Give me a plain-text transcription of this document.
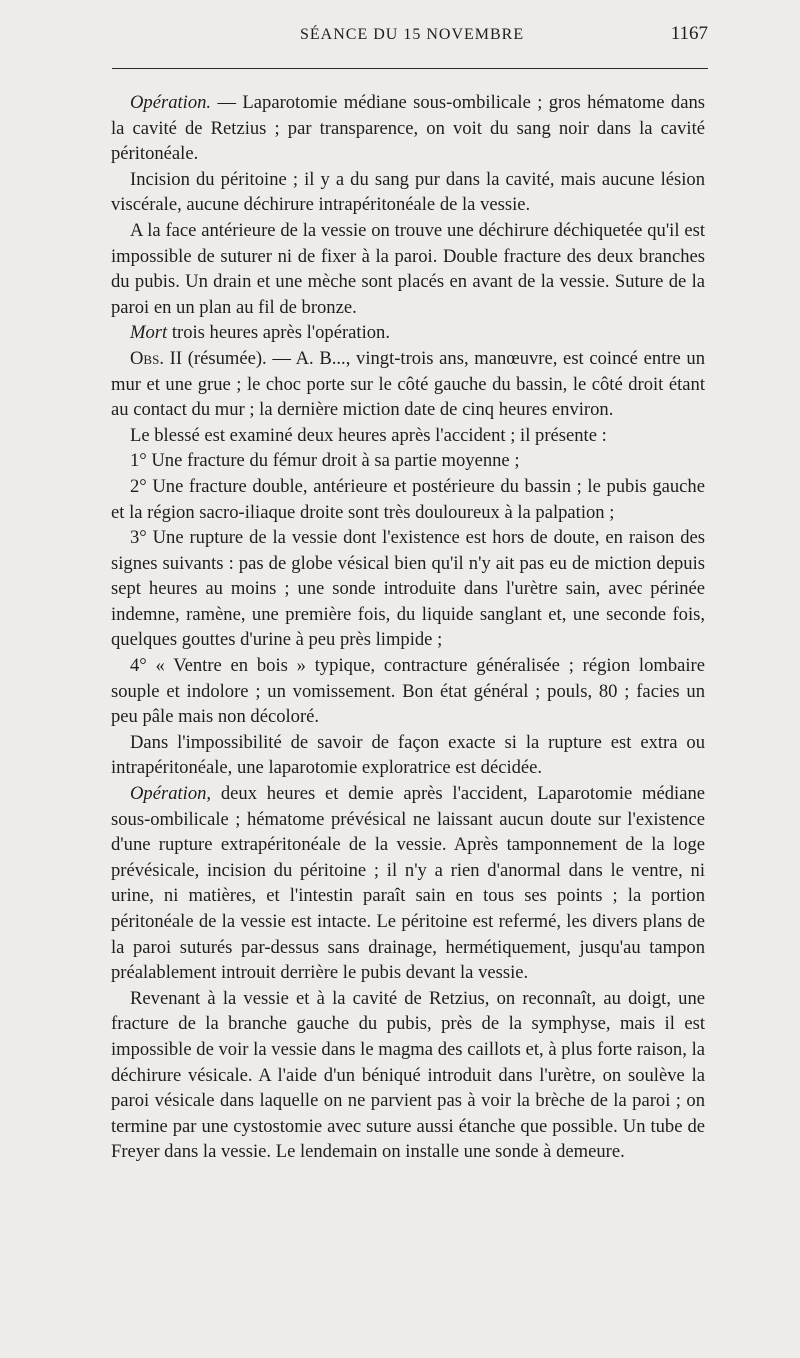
SÉANCE DU 15 NOVEMBRE	1167

Opération. — Laparotomie médiane sous-ombilicale ; gros hématome dans la cavité de Retzius ; par transparence, on voit du sang noir dans la cavité péritonéale.

Incision du péritoine ; il y a du sang pur dans la cavité, mais aucune lésion viscérale, aucune déchirure intrapéritonéale de la vessie.

A la face antérieure de la vessie on trouve une déchirure déchiquetée qu'il est impossible de suturer ni de fixer à la paroi. Double fracture des deux branches du pubis. Un drain et une mèche sont placés en avant de la vessie. Suture de la paroi en un plan au fil de bronze.

Mort trois heures après l'opération.

Obs. II (résumée). — A. B..., vingt-trois ans, manœuvre, est coincé entre un mur et une grue ; le choc porte sur le côté gauche du bassin, le côté droit étant au contact du mur ; la dernière miction date de cinq heures environ.

Le blessé est examiné deux heures après l'accident ; il présente :

1° Une fracture du fémur droit à sa partie moyenne ;

2° Une fracture double, antérieure et postérieure du bassin ; le pubis gauche et la région sacro-iliaque droite sont très douloureux à la palpation ;

3° Une rupture de la vessie dont l'existence est hors de doute, en raison des signes suivants : pas de globe vésical bien qu'il n'y ait pas eu de miction depuis sept heures au moins ; une sonde introduite dans l'urètre sain, avec périnée indemne, ramène, une première fois, du liquide sanglant et, une seconde fois, quelques gouttes d'urine à peu près limpide ;

4° « Ventre en bois » typique, contracture généralisée ; région lombaire souple et indolore ; un vomissement. Bon état général ; pouls, 80 ; facies un peu pâle mais non décoloré.

Dans l'impossibilité de savoir de façon exacte si la rupture est extra ou intrapéritonéale, une laparotomie exploratrice est décidée.

Opération, deux heures et demie après l'accident, Laparotomie médiane sous-ombilicale ; hématome prévésical ne laissant aucun doute sur l'existence d'une rupture extrapéritonéale de la vessie. Après tamponnement de la loge prévésicale, incision du péritoine ; il n'y a rien d'anormal dans le ventre, ni urine, ni matières, et l'intestin paraît sain en tous ses points ; la portion péritonéale de la vessie est intacte. Le péritoine est refermé, les divers plans de la paroi suturés par-dessus sans drainage, hermétiquement, jusqu'au tampon préalablement introuit derrière le pubis devant la vessie.

Revenant à la vessie et à la cavité de Retzius, on reconnaît, au doigt, une fracture de la branche gauche du pubis, près de la symphyse, mais il est impossible de voir la vessie dans le magma des caillots et, à plus forte raison, la déchirure vésicale. A l'aide d'un béniqué introduit dans l'urètre, on soulève la paroi vésicale dans laquelle on ne parvient pas à voir la brèche de la paroi ; on termine par une cystostomie avec suture aussi étanche que possible. Un tube de Freyer dans la vessie. Le lendemain on installe une sonde à demeure.
